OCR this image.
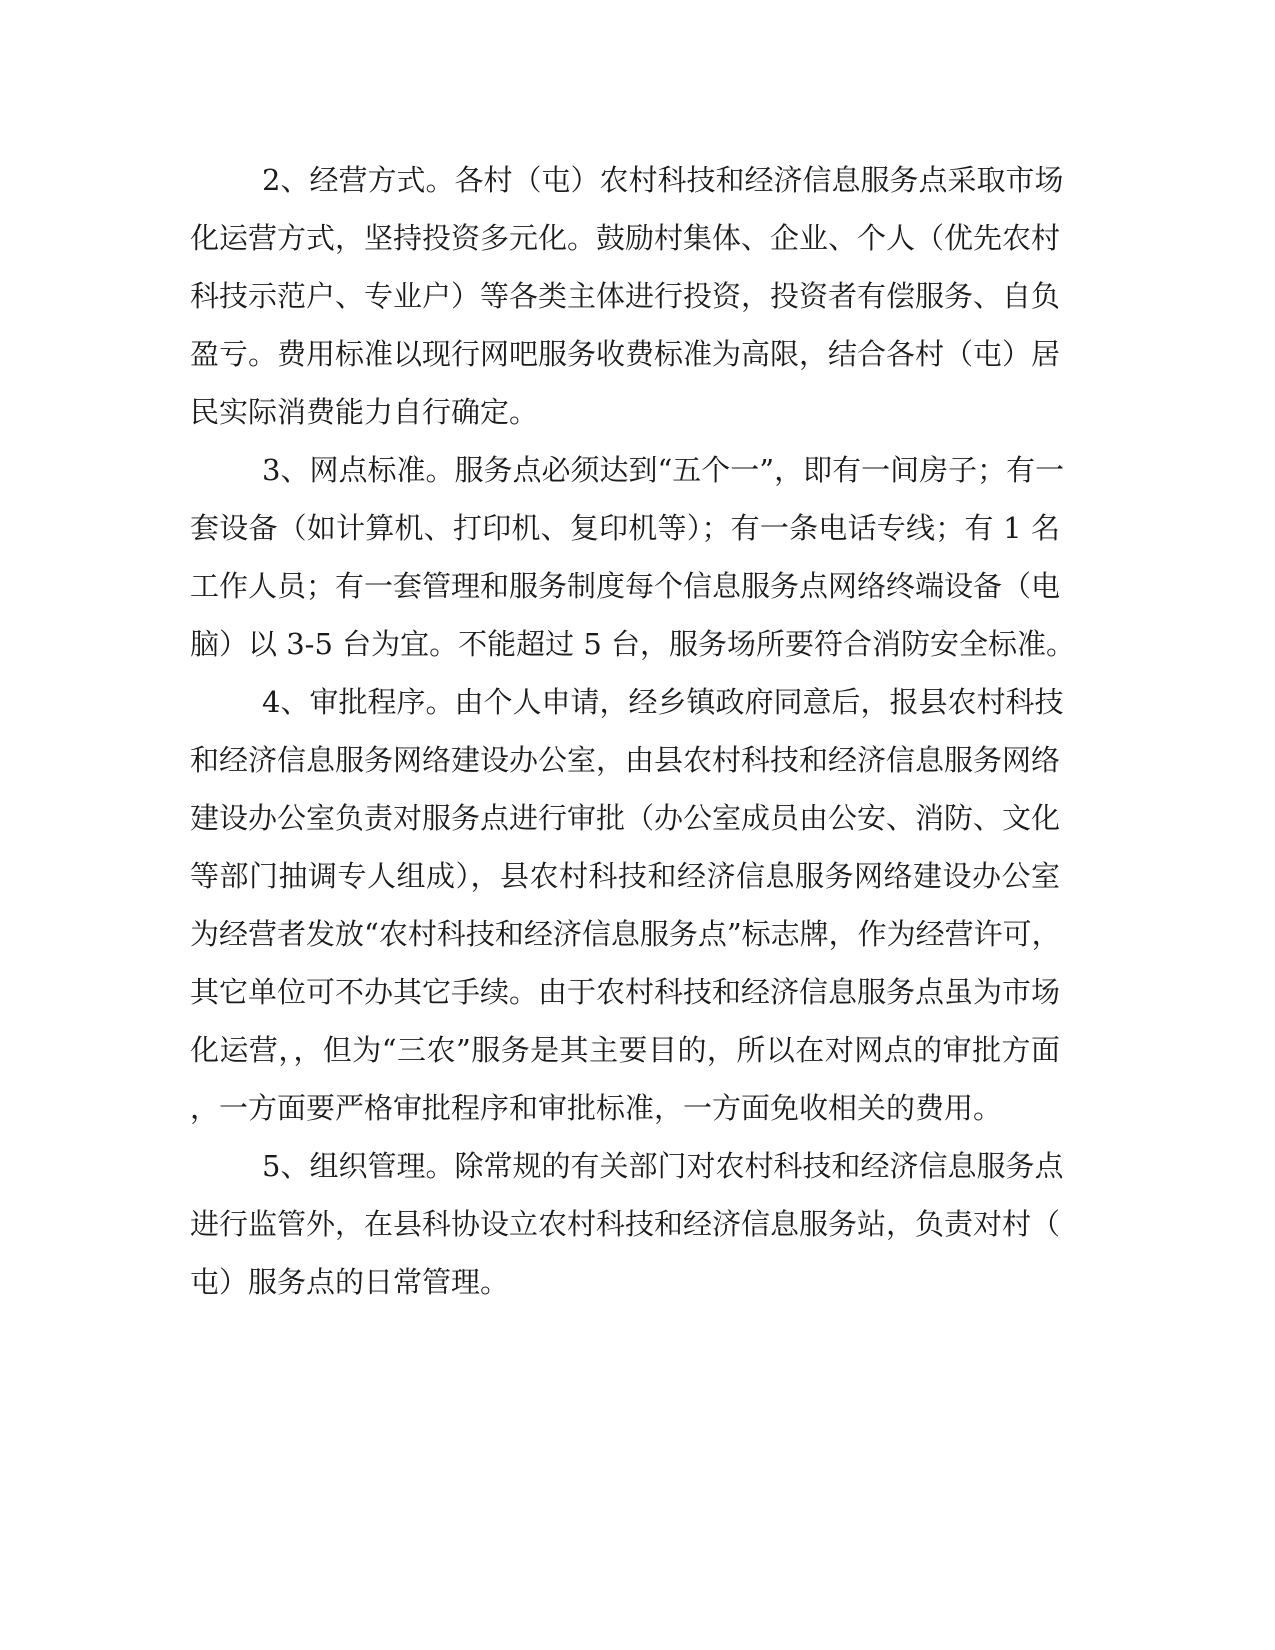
2、经营方式。各村（屯）农村科技和经济信息服务点采取市场
化运营方式，坚持投资多元化。鼓励村集体、企业、个人（优先农村
科技示范户、专业户）等各类主体进行投资，投资者有偿服务、自负
盈亏。费用标准以现行网吧服务收费标准为高限，结合各村（屯）居
民实际消费能力自行确定。
3、网点标准。服务点必须达到“五个一”，即有一间房子；有一
套设备（如计算机、打印机、复印机等）；有一条电话专线；有 1 名
工作人员；有一套管理和服务制度每个信息服务点网络终端设备（电
脑）以 3-5 台为宜。不能超过 5 台，服务场所要符合消防安全标准。
4、审批程序。由个人申请，经乡镇政府同意后，报县农村科技
和经济信息服务网络建设办公室，由县农村科技和经济信息服务网络
建设办公室负责对服务点进行审批（办公室成员由公安、消防、文化
等部门抽调专人组成），县农村科技和经济信息服务网络建设办公室
为经营者发放“农村科技和经济信息服务点”标志牌，作为经营许可，
其它单位可不办其它手续。由于农村科技和经济信息服务点虽为市场
化运营，，但为“三农”服务是其主要目的，所以在对网点的审批方面
，一方面要严格审批程序和审批标准，一方面免收相关的费用。
5、组织管理。除常规的有关部门对农村科技和经济信息服务点
进行监管外，在县科协设立农村科技和经济信息服务站，负责对村（
屯）服务点的日常管理。
